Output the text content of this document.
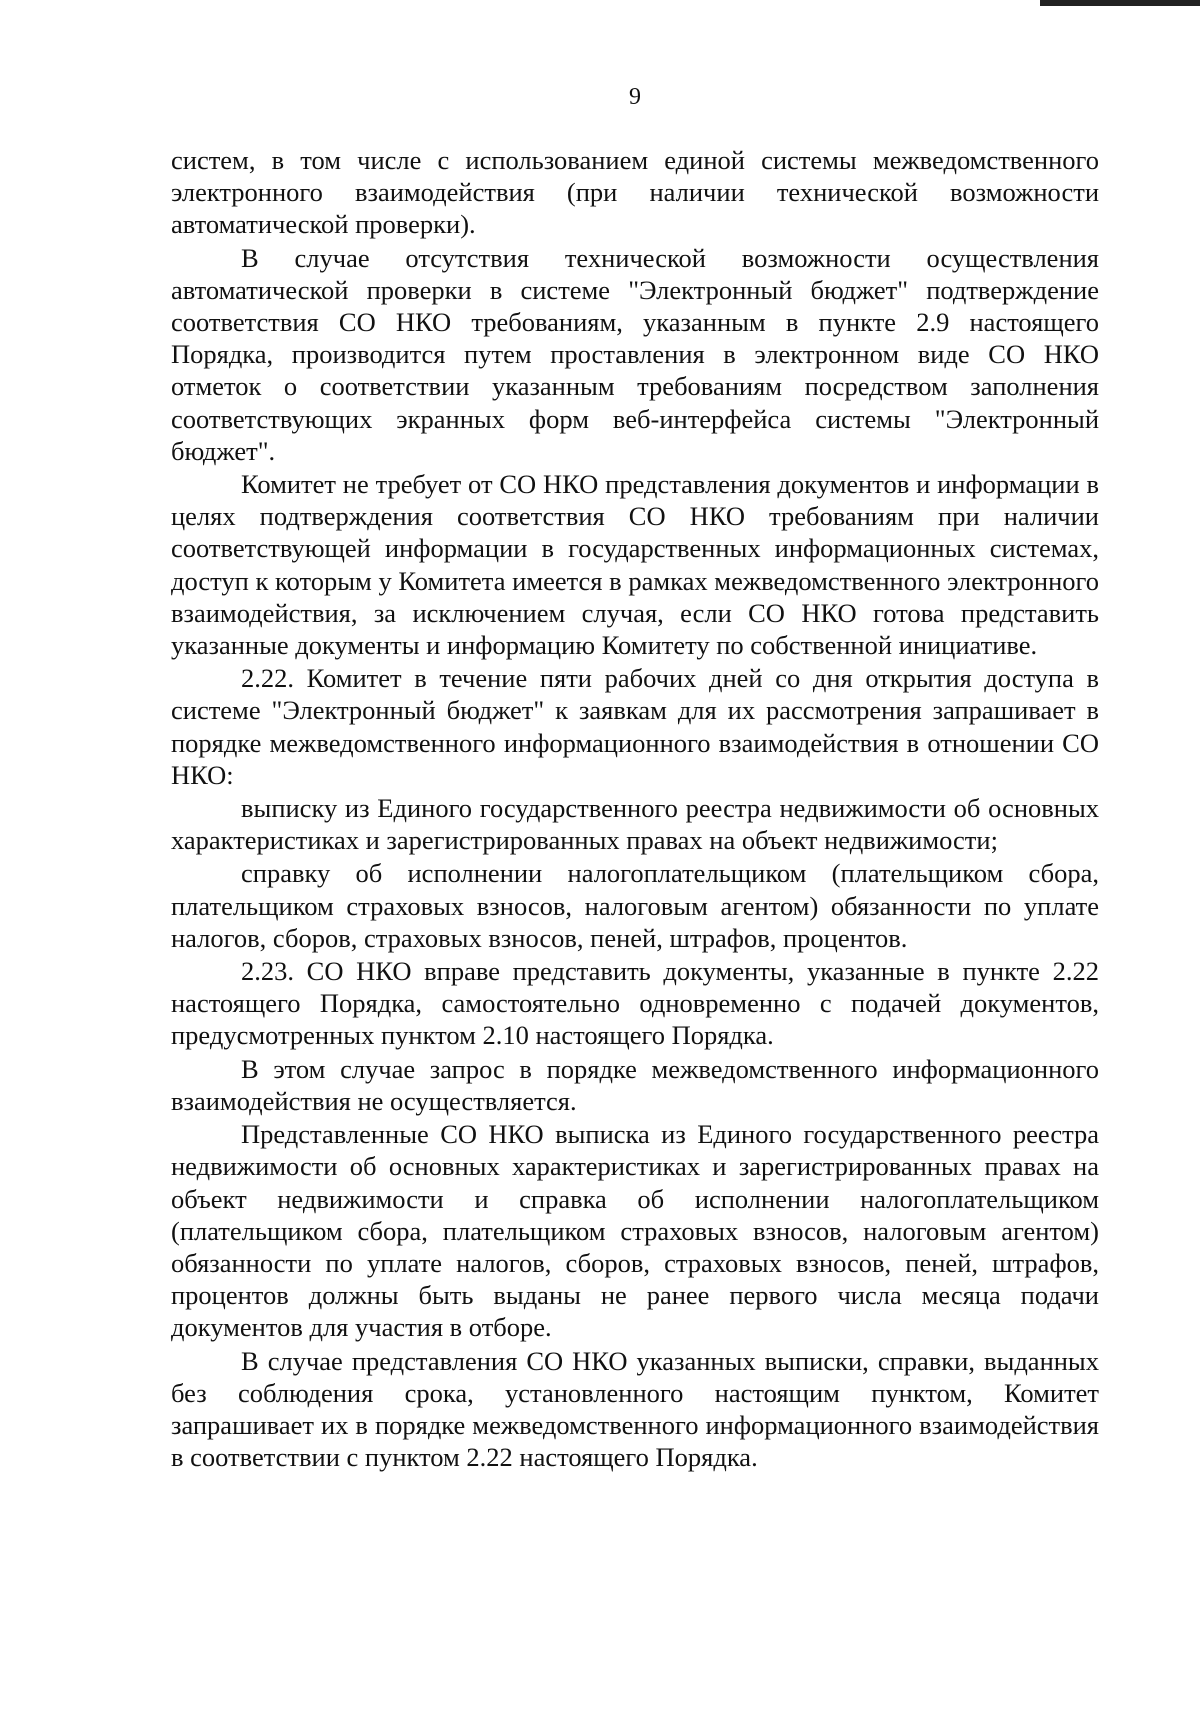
9

систем, в том числе с использованием единой системы межведомственного электронного взаимодействия (при наличии технической возможности автоматической проверки).

В случае отсутствия технической возможности осуществления автоматической проверки в системе "Электронный бюджет" подтверждение соответствия СО НКО требованиям, указанным в пункте 2.9 настоящего Порядка, производится путем проставления в электронном виде СО НКО отметок о соответствии указанным требованиям посредством заполнения соответствующих экранных форм веб-интерфейса системы "Электронный бюджет".

Комитет не требует от СО НКО представления документов и информации в целях подтверждения соответствия СО НКО требованиям при наличии соответствующей информации в государственных информационных системах, доступ к которым у Комитета имеется в рамках межведомственного электронного взаимодействия, за исключением случая, если СО НКО готова представить указанные документы и информацию Комитету по собственной инициативе.

2.22. Комитет в течение пяти рабочих дней со дня открытия доступа в системе "Электронный бюджет" к заявкам для их рассмотрения запрашивает в порядке межведомственного информационного взаимодействия в отношении СО НКО:

выписку из Единого государственного реестра недвижимости об основных характеристиках и зарегистрированных правах на объект недвижимости;

справку об исполнении налогоплательщиком (плательщиком сбора, плательщиком страховых взносов, налоговым агентом) обязанности по уплате налогов, сборов, страховых взносов, пеней, штрафов, процентов.

2.23. СО НКО вправе представить документы, указанные в пункте 2.22 настоящего Порядка, самостоятельно одновременно с подачей документов, предусмотренных пунктом 2.10 настоящего Порядка.

В этом случае запрос в порядке межведомственного информационного взаимодействия не осуществляется.

Представленные СО НКО выписка из Единого государственного реестра недвижимости об основных характеристиках и зарегистрированных правах на объект недвижимости и справка об исполнении налогоплательщиком (плательщиком сбора, плательщиком страховых взносов, налоговым агентом) обязанности по уплате налогов, сборов, страховых взносов, пеней, штрафов, процентов должны быть выданы не ранее первого числа месяца подачи документов для участия в отборе.

В случае представления СО НКО указанных выписки, справки, выданных без соблюдения срока, установленного настоящим пунктом, Комитет запрашивает их в порядке межведомственного информационного взаимодействия в соответствии с пунктом 2.22 настоящего Порядка.
